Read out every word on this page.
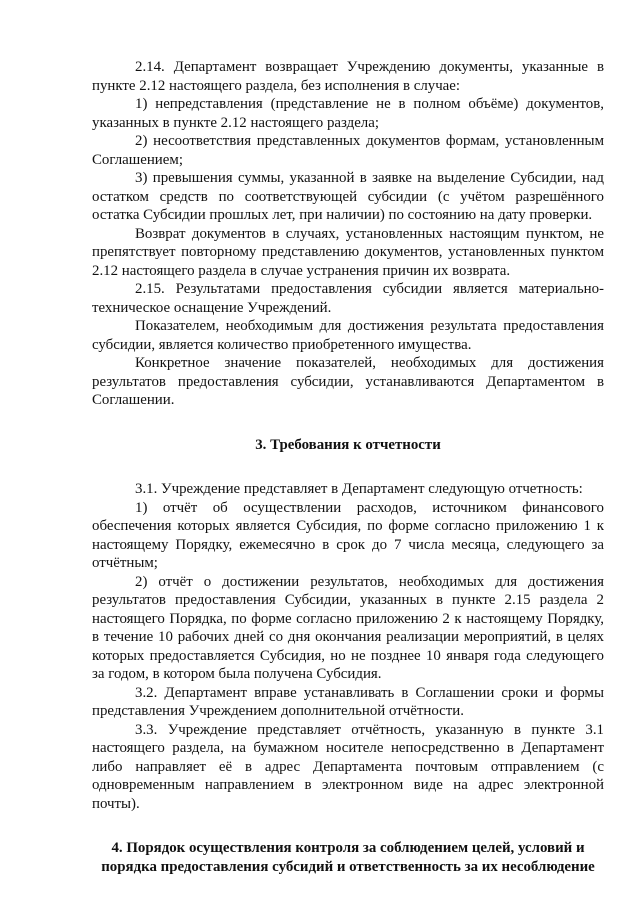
2.14. Департамент возвращает Учреждению документы, указанные в пункте 2.12 настоящего раздела, без исполнения в случае:

1) непредставления (представление не в полном объёме) документов, указанных в пункте 2.12 настоящего раздела;

2) несоответствия представленных документов формам, установленным Соглашением;

3) превышения суммы, указанной в заявке на выделение Субсидии, над остатком средств по соответствующей субсидии (с учётом разрешённого остатка Субсидии прошлых лет, при наличии) по состоянию на дату проверки.

Возврат документов в случаях, установленных настоящим пунктом, не препятствует повторному представлению документов, установленных пунктом 2.12 настоящего раздела в случае устранения причин их возврата.

2.15. Результатами предоставления субсидии является материально-техническое оснащение Учреждений.

Показателем, необходимым для достижения результата предоставления субсидии, является количество приобретенного имущества.

Конкретное значение показателей, необходимых для достижения результатов предоставления субсидии, устанавливаются Департаментом в Соглашении.

3. Требования к отчетности

3.1. Учреждение представляет в Департамент следующую отчетность:

1) отчёт об осуществлении расходов, источником финансового обеспечения которых является Субсидия, по форме согласно приложению 1 к настоящему Порядку, ежемесячно в срок до 7 числа месяца, следующего за отчётным;

2) отчёт о достижении результатов, необходимых для достижения результатов предоставления Субсидии, указанных в пункте 2.15 раздела 2 настоящего Порядка, по форме согласно приложению 2 к настоящему Порядку, в течение 10 рабочих дней со дня окончания реализации мероприятий, в целях которых предоставляется Субсидия, но не позднее 10 января года следующего за годом, в котором была получена Субсидия.

3.2. Департамент вправе устанавливать в Соглашении сроки и формы представления Учреждением дополнительной отчётности.

3.3. Учреждение представляет отчётность, указанную в пункте 3.1 настоящего раздела, на бумажном носителе непосредственно в Департамент либо направляет её в адрес Департамента почтовым отправлением (с одновременным направлением в электронном виде на адрес электронной почты).

4. Порядок осуществления контроля за соблюдением целей, условий и
порядка предоставления субсидий и ответственность за их несоблюдение
